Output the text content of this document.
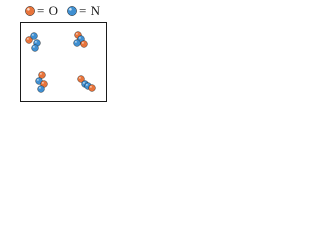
= O = N
